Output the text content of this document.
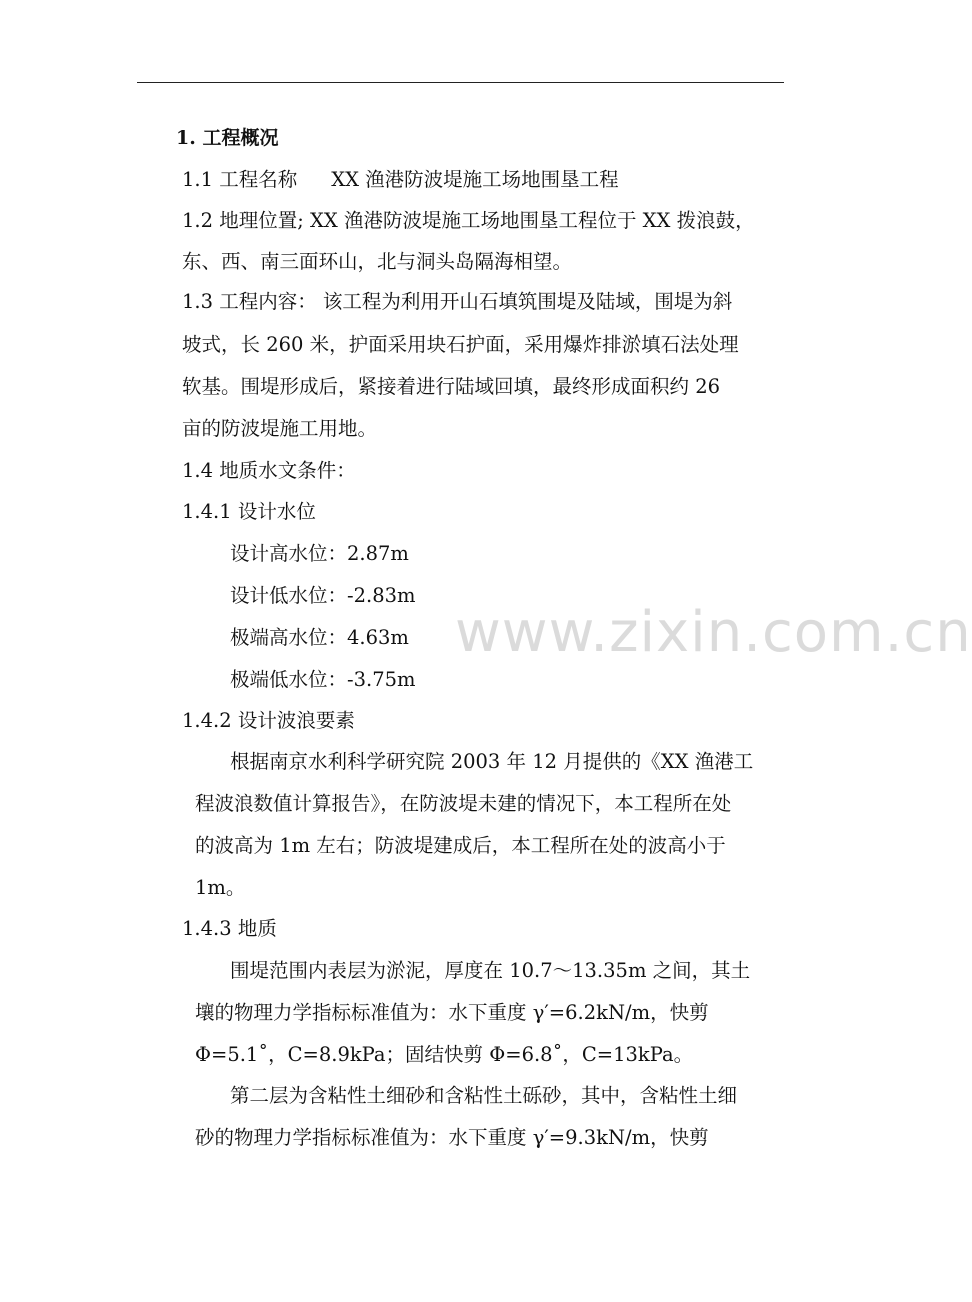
www.zixin.com.cn
1. 工程概况
1.1 工程名称 XX 渔港防波堤施工场地围垦工程
1.2 地理位置; XX 渔港防波堤施工场地围垦工程位于 XX 拨浪鼓，
东、西、南三面环山，北与洞头岛隔海相望。
1.3 工程内容： 该工程为利用开山石填筑围堤及陆域，围堤为斜
坡式，长 260 米，护面采用块石护面，采用爆炸排淤填石法处理
软基。围堤形成后，紧接着进行陆域回填，最终形成面积约 26
亩的防波堤施工用地。
1.4 地质水文条件：
1.4.1 设计水位
设计高水位：2.87m
设计低水位：-2.83m
极端高水位：4.63m
极端低水位：-3.75m
1.4.2 设计波浪要素
根据南京水利科学研究院 2003 年 12 月提供的《XX 渔港工
程波浪数值计算报告》，在防波堤未建的情况下，本工程所在处
的波高为 1m 左右；防波堤建成后，本工程所在处的波高小于
1m。
1.4.3 地质
围堤范围内表层为淤泥，厚度在 10.7～13.35m 之间，其土
壤的物理力学指标标准值为：水下重度 γ′=6.2kN/m，快剪
Φ=5.1˚，C=8.9kPa；固结快剪 Φ=6.8˚，C=13kPa。
第二层为含粘性土细砂和含粘性土砾砂，其中，含粘性土细
砂的物理力学指标标准值为：水下重度 γ′=9.3kN/m，快剪
